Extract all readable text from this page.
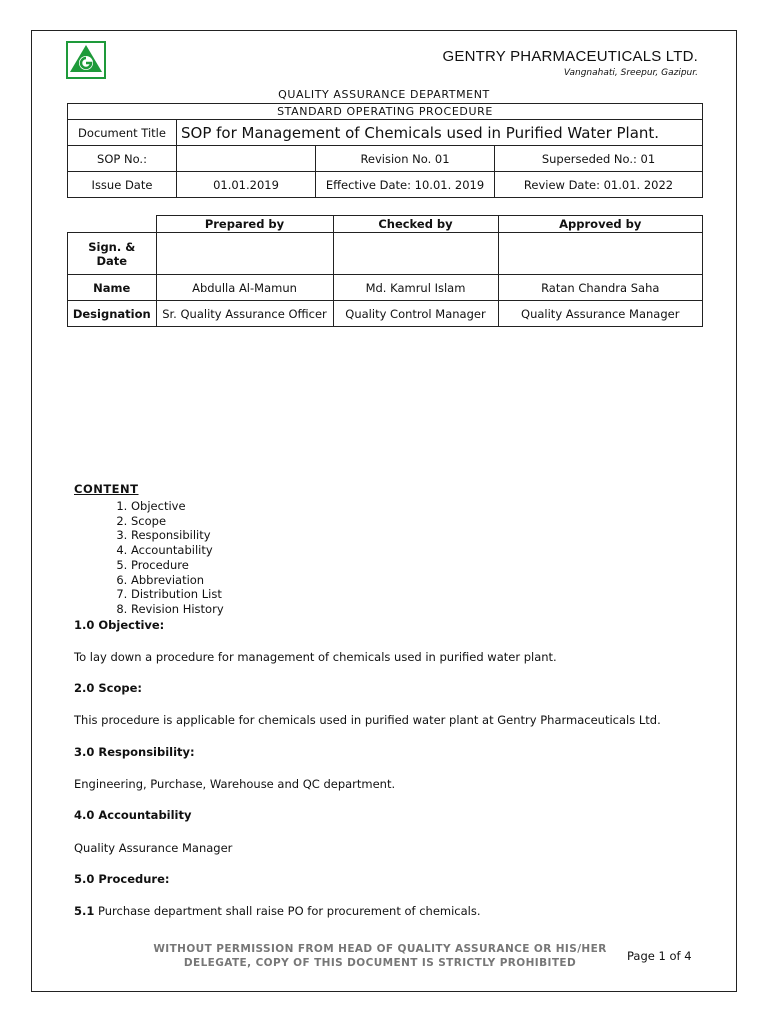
GENTRY PHARMACEUTICALS LTD.
Vangnahati, Sreepur, Gazipur.
QUALITY ASSURANCE DEPARTMENT
STANDARD OPERATING PROCEDURE			
Document Title	SOP for Management of Chemicals used in Purified Water Plant.		
SOP No.:		Revision No. 01	Superseded No.: 01
Issue Date	01.01.2019	Effective Date: 10.01. 2019	Review Date: 01.01. 2022
	Prepared by	Checked by	Approved by
Sign. & Date			
Name	Abdulla Al-Mamun	Md. Kamrul Islam	Ratan Chandra Saha
Designation	Sr. Quality Assurance Officer	Quality Control Manager	Quality Assurance Manager
CONTENT
1. Objective
2. Scope
3. Responsibility
4. Accountability
5. Procedure
6. Abbreviation
7. Distribution List
8. Revision History
1.0 Objective:
To lay down a procedure for management of chemicals used in purified water plant.
2.0 Scope:
This procedure is applicable for chemicals used in purified water plant at Gentry Pharmaceuticals Ltd.
3.0 Responsibility:
Engineering, Purchase, Warehouse and QC department.
4.0 Accountability
Quality Assurance Manager
5.0 Procedure:
5.1 Purchase department shall raise PO for procurement of chemicals.
WITHOUT PERMISSION FROM HEAD OF QUALITY ASSURANCE OR HIS/HER
DELEGATE, COPY OF THIS DOCUMENT IS STRICTLY PROHIBITED	Page 1 of 4
